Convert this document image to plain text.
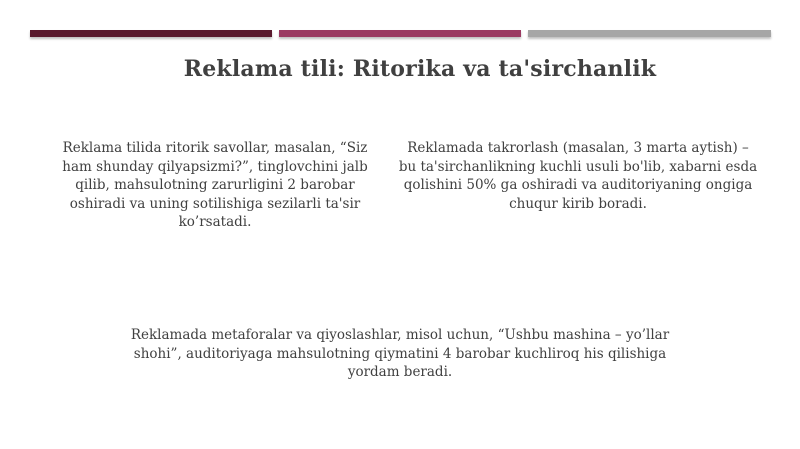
Reklama tili: Ritorika va ta'sirchanlik
Reklama tilida ritorik savollar, masalan, “Siz ham shunday qilyapsizmi?”, tinglovchini jalb qilib, mahsulotning zarurligini 2 barobar oshiradi va uning sotilishiga sezilarli ta'sir ko’rsatadi.
Reklamada takrorlash (masalan, 3 marta aytish) – bu ta'sirchanlikning kuchli usuli bo'lib, xabarni esda qolishini 50% ga oshiradi va auditoriyaning ongiga chuqur kirib boradi.
Reklamada metaforalar va qiyoslashlar, misol uchun, “Ushbu mashina – yo’llar shohi”, auditoriyaga mahsulotning qiymatini 4 barobar kuchliroq his qilishiga yordam beradi.
